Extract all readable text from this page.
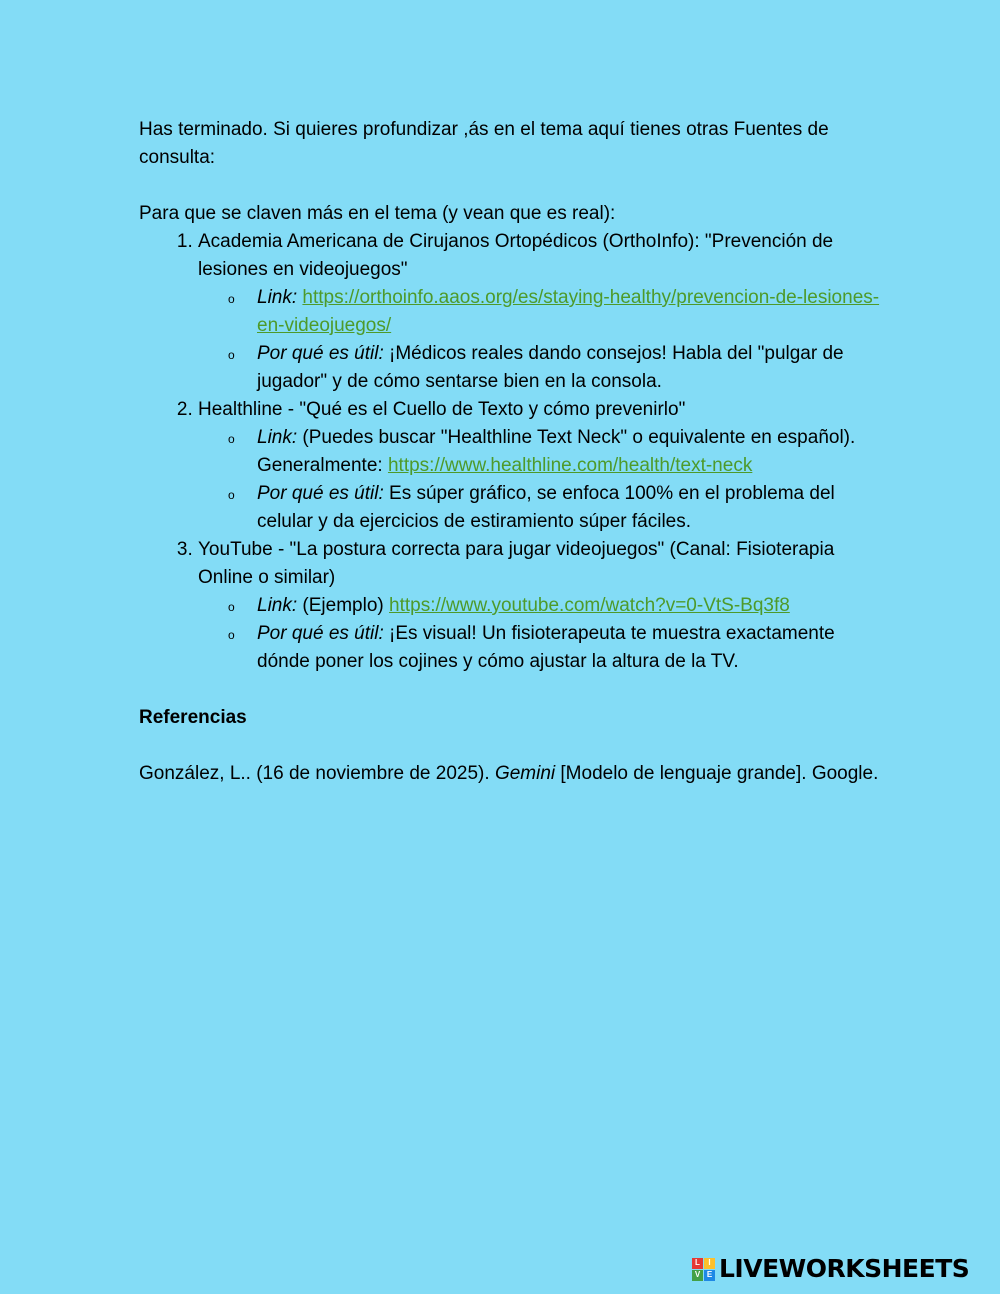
Has terminado. Si quieres profundizar ,ás en el tema aquí tienes otras Fuentes de consulta:

Para que se claven más en el tema (y vean que es real):

1. Academia Americana de Cirujanos Ortopédicos (OrthoInfo): "Prevención de lesiones en videojuegos"
o Link: https://orthoinfo.aaos.org/es/staying-healthy/prevencion-de-lesiones-en-videojuegos/
o Por qué es útil: ¡Médicos reales dando consejos! Habla del "pulgar de jugador" y de cómo sentarse bien en la consola.
2. Healthline - "Qué es el Cuello de Texto y cómo prevenirlo"
o Link: (Puedes buscar "Healthline Text Neck" o equivalente en español). Generalmente: https://www.healthline.com/health/text-neck
o Por qué es útil: Es súper gráfico, se enfoca 100% en el problema del celular y da ejercicios de estiramiento súper fáciles.
3. YouTube - "La postura correcta para jugar videojuegos" (Canal: Fisioterapia Online o similar)
o Link: (Ejemplo) https://www.youtube.com/watch?v=0-VtS-Bq3f8
o Por qué es útil: ¡Es visual! Un fisioterapeuta te muestra exactamente dónde poner los cojines y cómo ajustar la altura de la TV.

Referencias

González, L.. (16 de noviembre de 2025). Gemini [Modelo de lenguaje grande]. Google.

L	I
V E LIVEWORKSHEETS
